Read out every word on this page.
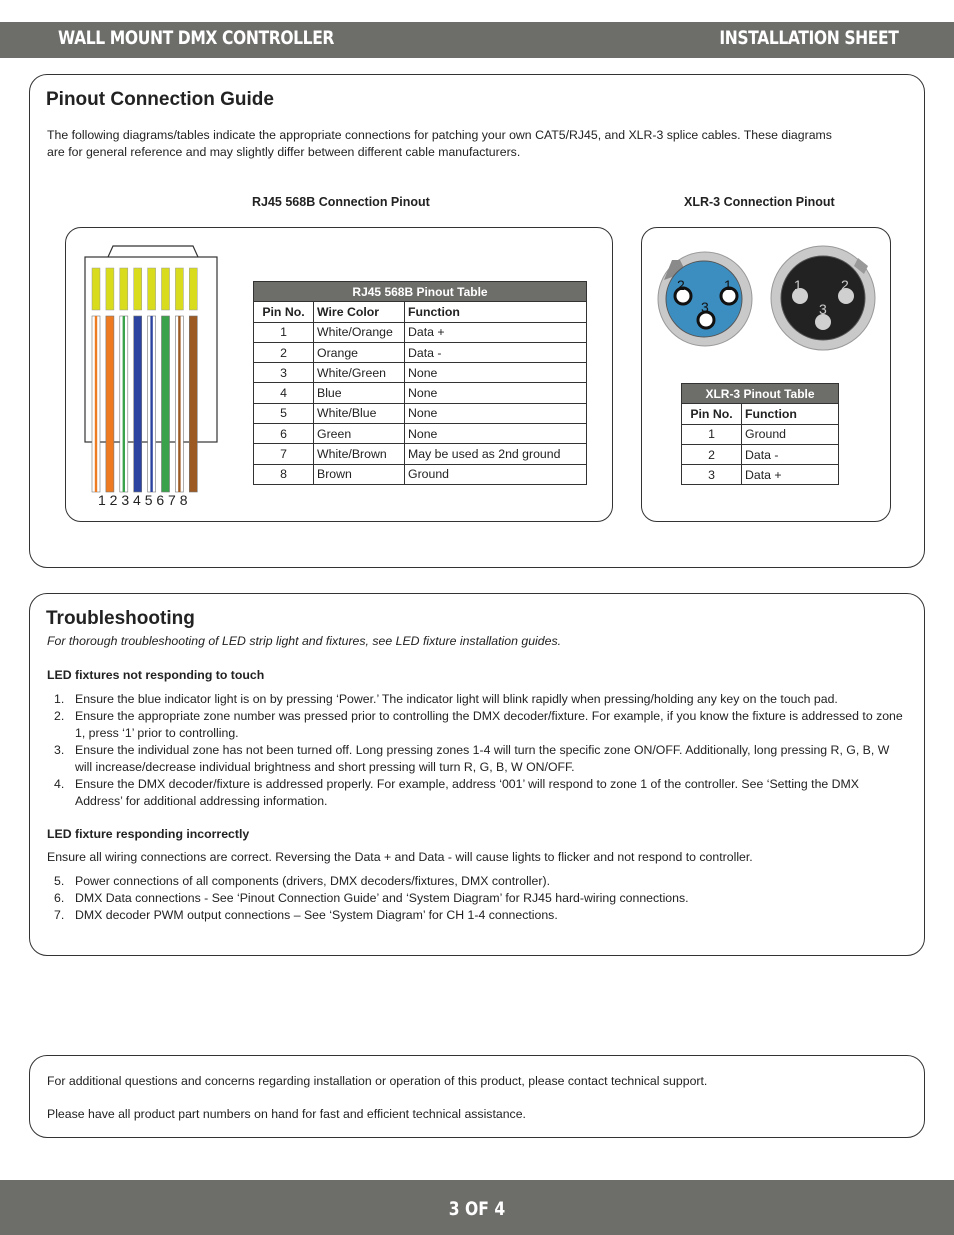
WALL MOUNT DMX CONTROLLER	INSTALLATION SHEET
Pinout Connection Guide
The following diagrams/tables indicate the appropriate connections for patching your own CAT5/RJ45, and XLR-3 splice cables. These diagrams
are for general reference and may slightly differ between different cable manufacturers.
RJ45 568B Connection Pinout	XLR-3 Connection Pinout
1 2 3 4 5 6 7 8
RJ45 568B Pinout Table		
Pin No.	Wire Color	Function
1	White/Orange	Data +
2	Orange	Data -
3	White/Green	None
4	Blue	None
5	White/Blue	None
6	Green	None
7	White/Brown	May be used as 2nd ground
8	Brown	Ground
2	1
3
1	2
3
XLR-3 Pinout Table	
Pin No.	Function
1	Ground
2	Data -
3	Data +
Troubleshooting
For thorough troubleshooting of LED strip light and fixtures, see LED fixture installation guides.
LED fixtures not responding to touch
1. Ensure the blue indicator light is on by pressing ‘Power.’ The indicator light will blink rapidly when pressing/holding any key on the touch pad.
2. Ensure the appropriate zone number was pressed prior to controlling the DMX decoder/fixture. For example, if you know the fixture is addressed to zone 1, press ‘1’ prior to controlling.
3. Ensure the individual zone has not been turned off. Long pressing zones 1-4 will turn the specific zone ON/OFF. Additionally, long pressing R, G, B, W will increase/decrease individual brightness and short pressing will turn R, G, B, W ON/OFF.
4. Ensure the DMX decoder/fixture is addressed properly. For example, address ‘001’ will respond to zone 1 of the controller. See ‘Setting the DMX Address’ for additional addressing information.
LED fixture responding incorrectly
Ensure all wiring connections are correct. Reversing the Data + and Data - will cause lights to flicker and not respond to controller.
5. Power connections of all components (drivers, DMX decoders/fixtures, DMX controller).
6. DMX Data connections - See ‘Pinout Connection Guide’ and ‘System Diagram’ for RJ45 hard-wiring connections.
7. DMX decoder PWM output connections – See ‘System Diagram’ for CH 1-4 connections.
For additional questions and concerns regarding installation or operation of this product, please contact technical support.
Please have all product part numbers on hand for fast and efficient technical assistance.
3 OF 4
